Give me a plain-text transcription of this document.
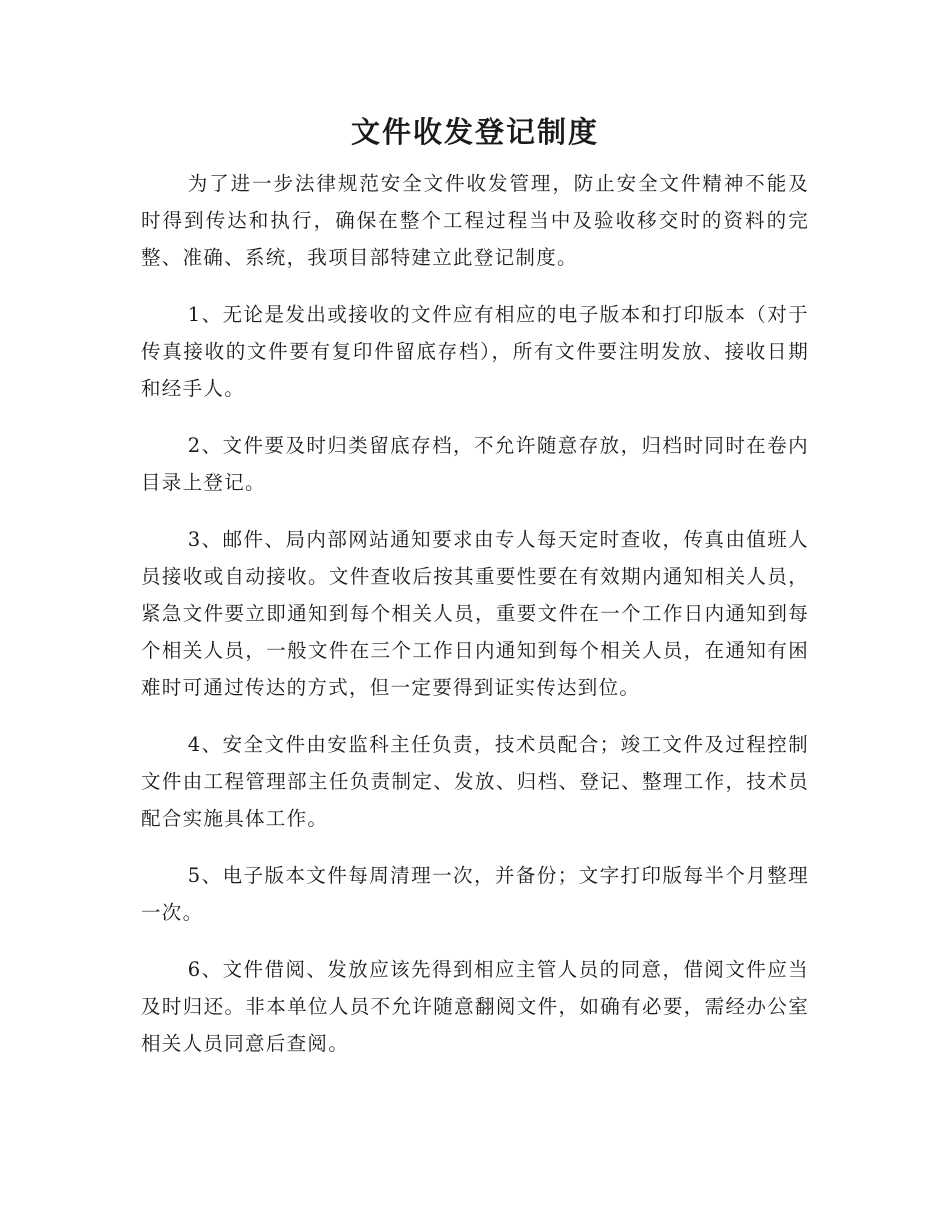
文件收发登记制度

为了进一步法律规范安全文件收发管理，防止安全文件精神不能及时得到传达和执行，确保在整个工程过程当中及验收移交时的资料的完整、准确、系统，我项目部特建立此登记制度。

1、无论是发出或接收的文件应有相应的电子版本和打印版本（对于传真接收的文件要有复印件留底存档），所有文件要注明发放、接收日期和经手人。

2、文件要及时归类留底存档，不允许随意存放，归档时同时在卷内目录上登记。

3、邮件、局内部网站通知要求由专人每天定时查收，传真由值班人员接收或自动接收。文件查收后按其重要性要在有效期内通知相关人员，紧急文件要立即通知到每个相关人员，重要文件在一个工作日内通知到每个相关人员，一般文件在三个工作日内通知到每个相关人员，在通知有困难时可通过传达的方式，但一定要得到证实传达到位。

4、安全文件由安监科主任负责，技术员配合；竣工文件及过程控制文件由工程管理部主任负责制定、发放、归档、登记、整理工作，技术员配合实施具体工作。

5、电子版本文件每周清理一次，并备份；文字打印版每半个月整理一次。

6、文件借阅、发放应该先得到相应主管人员的同意，借阅文件应当及时归还。非本单位人员不允许随意翻阅文件，如确有必要，需经办公室相关人员同意后查阅。
